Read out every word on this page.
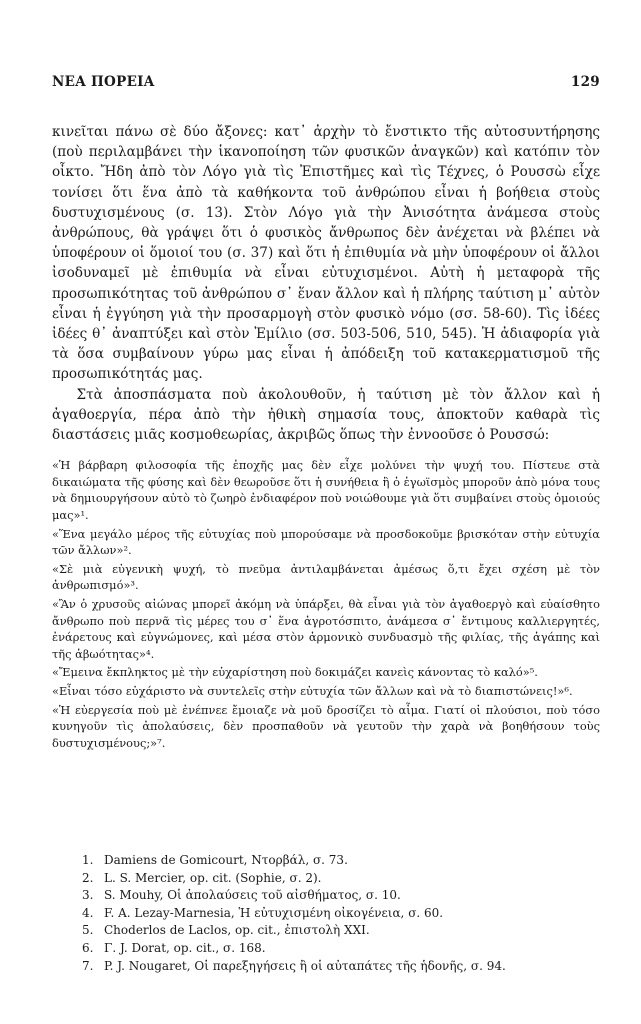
ΝΕΑ ΠΟΡΕΙΑ	129

κινεῖται πάνω σὲ δύο ἄξονες: κατ᾽ ἀρχὴν τὸ ἔνστικτο τῆς αὐτοσυντήρησης (ποὺ περιλαμβάνει τὴν ἱκανοποίηση τῶν φυσικῶν ἀναγκῶν) καὶ κατόπιν τὸν οἶκτο. Ἤδη ἀπὸ τὸν Λόγο γιὰ τὶς Ἐπιστῆμες καὶ τὶς Τέχνες, ὁ Ρουσσὼ εἶχε τονίσει ὅτι ἕνα ἀπὸ τὰ καθήκοντα τοῦ ἀνθρώπου εἶναι ἡ βοήθεια στοὺς δυστυχισμένους (σ. 13). Στὸν Λόγο γιὰ τὴν Ἀνισότητα ἀνάμεσα στοὺς ἀνθρώπους, θὰ γράψει ὅτι ὁ φυσικὸς ἄνθρωπος δὲν ἀνέχεται νὰ βλέπει νὰ ὑποφέρουν οἱ ὅμοιοί του (σ. 37) καὶ ὅτι ἡ ἐπιθυμία νὰ μὴν ὑποφέρουν οἱ ἄλλοι ἰσοδυναμεῖ μὲ ἐπιθυμία νὰ εἶναι εὐτυχισμένοι. Αὐτὴ ἡ μεταφορὰ τῆς προσωπικότητας τοῦ ἀνθρώπου σ᾽ ἕναν ἄλλον καὶ ἡ πλήρης ταύτιση μ᾽ αὐτὸν εἶναι ἡ ἐγγύηση γιὰ τὴν προσαρμογὴ στὸν φυσικὸ νόμο (σσ. 58-60). Τὶς ἰδέες ἰδέες θ᾽ ἀναπτύξει καὶ στὸν Ἐμίλιο (σσ. 503-506, 510, 545). Ἡ ἀδιαφορία γιὰ τὰ ὅσα συμβαίνουν γύρω μας εἶναι ἡ ἀπόδειξη τοῦ κατακερματισμοῦ τῆς προσωπικότητάς μας.

Στὰ ἀποσπάσματα ποὺ ἀκολουθοῦν, ἡ ταύτιση μὲ τὸν ἄλλον καὶ ἡ ἀγαθοεργία, πέρα ἀπὸ τὴν ἠθικὴ σημασία τους, ἀποκτοῦν καθαρὰ τὶς διαστάσεις μιᾶς κοσμοθεωρίας, ἀκριβῶς ὅπως τὴν ἐννοοῦσε ὁ Ρουσσώ:

«Ἡ βάρβαρη φιλοσοφία τῆς ἐποχῆς μας δὲν εἶχε μολύνει τὴν ψυχή του. Πίστευε στὰ δικαιώματα τῆς φύσης καὶ δὲν θεωροῦσε ὅτι ἡ συνήθεια ἢ ὁ ἐγωϊσμὸς μποροῦν ἀπὸ μόνα τους νὰ δημιουργήσουν αὐτὸ τὸ ζωηρὸ ἐνδιαφέρον ποὺ νοιώθουμε γιὰ ὅτι συμβαίνει στοὺς ὁμοιούς μας»¹.

«Ἕνα μεγάλο μέρος τῆς εὐτυχίας ποὺ μπορούσαμε νὰ προσδοκοῦμε βρισκόταν στὴν εὐτυχία τῶν ἄλλων»².

«Σὲ μιὰ εὐγενικὴ ψυχή, τὸ πνεῦμα ἀντιλαμβάνεται ἀμέσως ὅ,τι ἔχει σχέση μὲ τὸν ἀνθρωπισμό»³.

«Ἂν ὁ χρυσοῦς αἰώνας μπορεῖ ἀκόμη νὰ ὑπάρξει, θὰ εἶναι γιὰ τὸν ἀγαθοεργὸ καὶ εὐαίσθητο ἄνθρωπο ποὺ περνᾶ τὶς μέρες του σ᾽ ἕνα ἀγροτόσπιτο, ἀνάμεσα σ᾽ ἔντιμους καλλιεργητές, ἐνάρετους καὶ εὐγνώμονες, καὶ μέσα στὸν ἁρμονικὸ συνδυασμὸ τῆς φιλίας, τῆς ἀγάπης καὶ τῆς ἁβωότητας»⁴.

«Ἔμεινα ἔκπληκτος μὲ τὴν εὐχαρίστηση ποὺ δοκιμάζει κανεὶς κάνοντας τὸ καλό»⁵.

«Εἶναι τόσο εὐχάριστο νὰ συντελεῖς στὴν εὐτυχία τῶν ἄλλων καὶ νὰ τὸ διαπιστώνεις!»⁶.

«Ἡ εὐεργεσία ποὺ μὲ ἐνέπνεε ἔμοιαζε νὰ μοῦ δροσίζει τὸ αἷμα. Γιατί οἱ πλούσιοι, ποὺ τόσο κυνηγοῦν τὶς ἀπολαύσεις, δὲν προσπαθοῦν νὰ γευτοῦν τὴν χαρὰ νὰ βοηθήσουν τοὺς δυστυχισμένους;»⁷.

1. Damiens de Gomicourt, Ντορβάλ, σ. 73.
2. L. S. Mercier, op. cit. (Sophie, σ. 2).
3. S. Mouhy, Οἱ ἀπολαύσεις τοῦ αἰσθήματος, σ. 10.
4. F. A. Lezay-Marnesia, Ἡ εὐτυχισμένη οἰκογένεια, σ. 60.
5. Choderlos de Laclos, op. cit., ἐπιστολὴ XXI.
6. Γ. J. Dorat, op. cit., σ. 168.
7. P. J. Nougaret, Οἱ παρεξηγήσεις ἢ οἱ αὐταπάτες τῆς ἡδονῆς, σ. 94.
